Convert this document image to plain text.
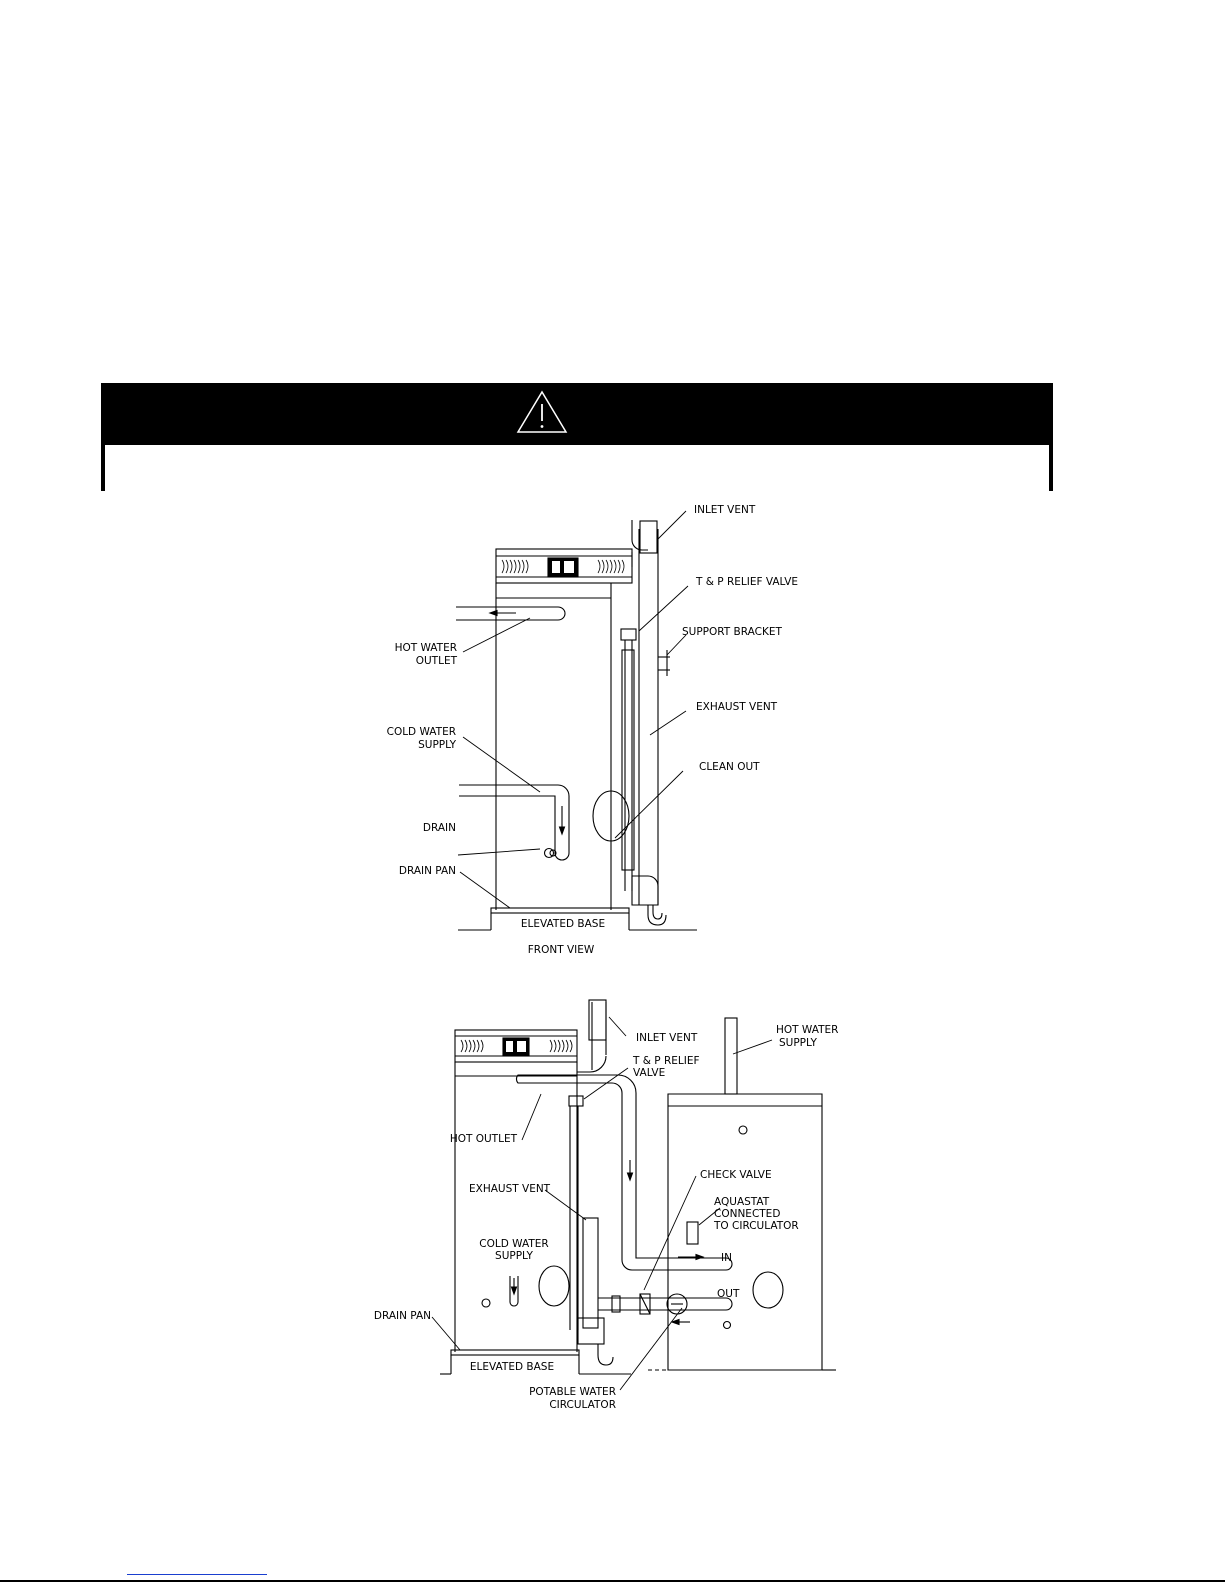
INLET VENT
T & P RELIEF VALVE
SUPPORT BRACKET
HOT WATER
OUTLET
EXHAUST VENT
COLD WATER
SUPPLY
CLEAN OUT
DRAIN
DRAIN PAN
ELEVATED BASE
FRONT VIEW
INLET VENT
HOT WATER
SUPPLY
T & P RELIEF
VALVE
HOT OUTLET
EXHAUST VENT
CHECK VALVE
AQUASTAT
CONNECTED
TO CIRCULATOR
COLD WATER
SUPPLY	IN
OUT
DRAIN PAN
ELEVATED BASE
POTABLE WATER
CIRCULATOR
